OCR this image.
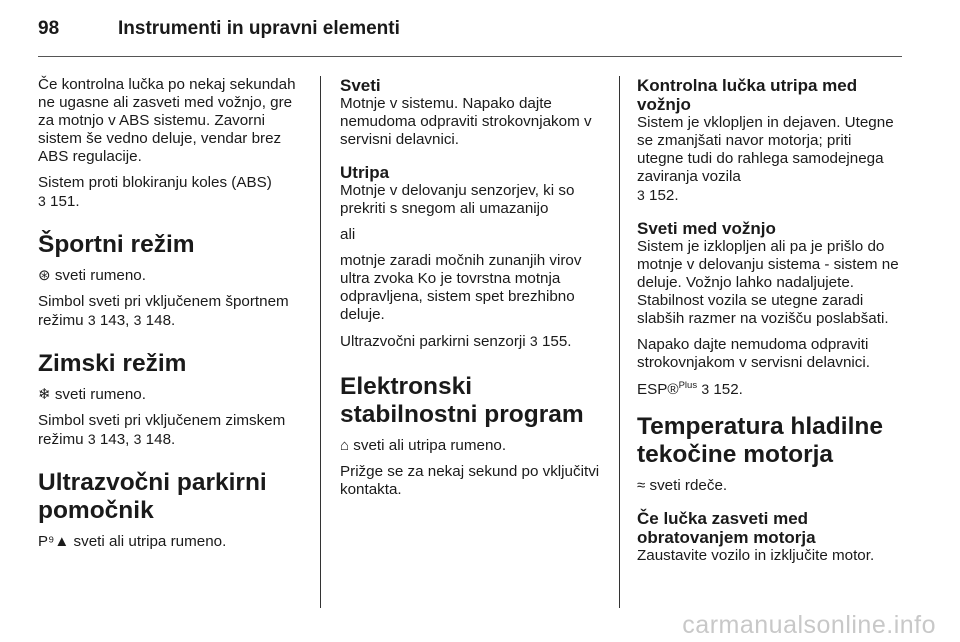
98	Instrumenti in upravni elementi

Če kontrolna lučka po nekaj sekundah ne ugasne ali zasveti med vožnjo, gre za motnjo v ABS sistemu. Zavorni sistem še vedno deluje, vendar brez ABS regulacije.

Sistem proti blokiranju koles (ABS)
3 151.

Športni režim

⊛ sveti rumeno.

Simbol sveti pri vključenem športnem režimu 3 143, 3 148.

Zimski režim

❄ sveti rumeno.

Simbol sveti pri vključenem zimskem režimu 3 143, 3 148.

Ultrazvočni parkirni pomočnik

P⁹▲ sveti ali utripa rumeno.

Sveti

Motnje v sistemu. Napako dajte nemudoma odpraviti strokovnjakom v servisni delavnici.

Utripa

Motnje v delovanju senzorjev, ki so prekriti s snegom ali umazanijo

ali

motnje zaradi močnih zunanjih virov ultra zvoka Ko je tovrstna motnja odpravljena, sistem spet brezhibno deluje.

Ultrazvočni parkirni senzorji 3 155.

Elektronski stabilnostni program

⌂ sveti ali utripa rumeno.

Prižge se za nekaj sekund po vključitvi kontakta.

Kontrolna lučka utripa med vožnjo

Sistem je vklopljen in dejaven. Utegne se zmanjšati navor motorja; priti utegne tudi do rahlega samodejnega zaviranja vozila
3 152.

Sveti med vožnjo

Sistem je izklopljen ali pa je prišlo do motnje v delovanju sistema - sistem ne deluje. Vožnjo lahko nadaljujete. Stabilnost vozila se utegne zaradi slabših razmer na vozišču poslabšati.

Napako dajte nemudoma odpraviti strokovnjakom v servisni delavnici.

ESP®$^{Plus}$ 3 152.

Temperatura hladilne tekočine motorja

≈ sveti rdeče.

Če lučka zasveti med obratovanjem motorja

Zaustavite vozilo in izključite motor.

carmanualsonline.info
